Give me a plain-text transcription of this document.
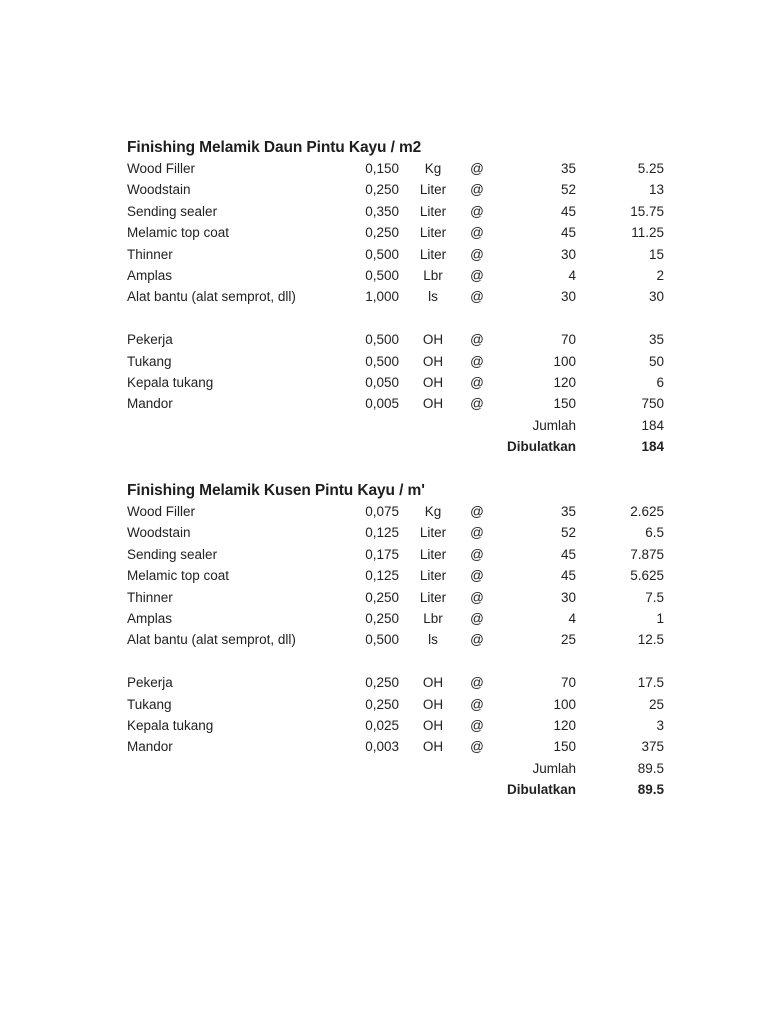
Finishing Melamik Daun Pintu Kayu / m2
Wood Filler	0,150	Kg	@	35	5.25
Woodstain	0,250	Liter	@	52	13
Sending sealer	0,350	Liter	@	45	15.75
Melamic top coat	0,250	Liter	@	45	11.25
Thinner	0,500	Liter	@	30	15
Amplas	0,500	Lbr	@	4	2
Alat bantu (alat semprot, dll)	1,000	ls	@	30	30
Pekerja	0,500	OH	@	70	35
Tukang	0,500	OH	@	100	50
Kepala tukang	0,050	OH	@	120	6
Mandor	0,005	OH	@	150	750
Jumlah	184
Dibulatkan	184
Finishing Melamik Kusen Pintu Kayu / m'
Wood Filler	0,075	Kg	@	35	2.625
Woodstain	0,125	Liter	@	52	6.5
Sending sealer	0,175	Liter	@	45	7.875
Melamic top coat	0,125	Liter	@	45	5.625
Thinner	0,250	Liter	@	30	7.5
Amplas	0,250	Lbr	@	4	1
Alat bantu (alat semprot, dll)	0,500	ls	@	25	12.5
Pekerja	0,250	OH	@	70	17.5
Tukang	0,250	OH	@	100	25
Kepala tukang	0,025	OH	@	120	3
Mandor	0,003	OH	@	150	375
Jumlah	89.5
Dibulatkan	89.5
